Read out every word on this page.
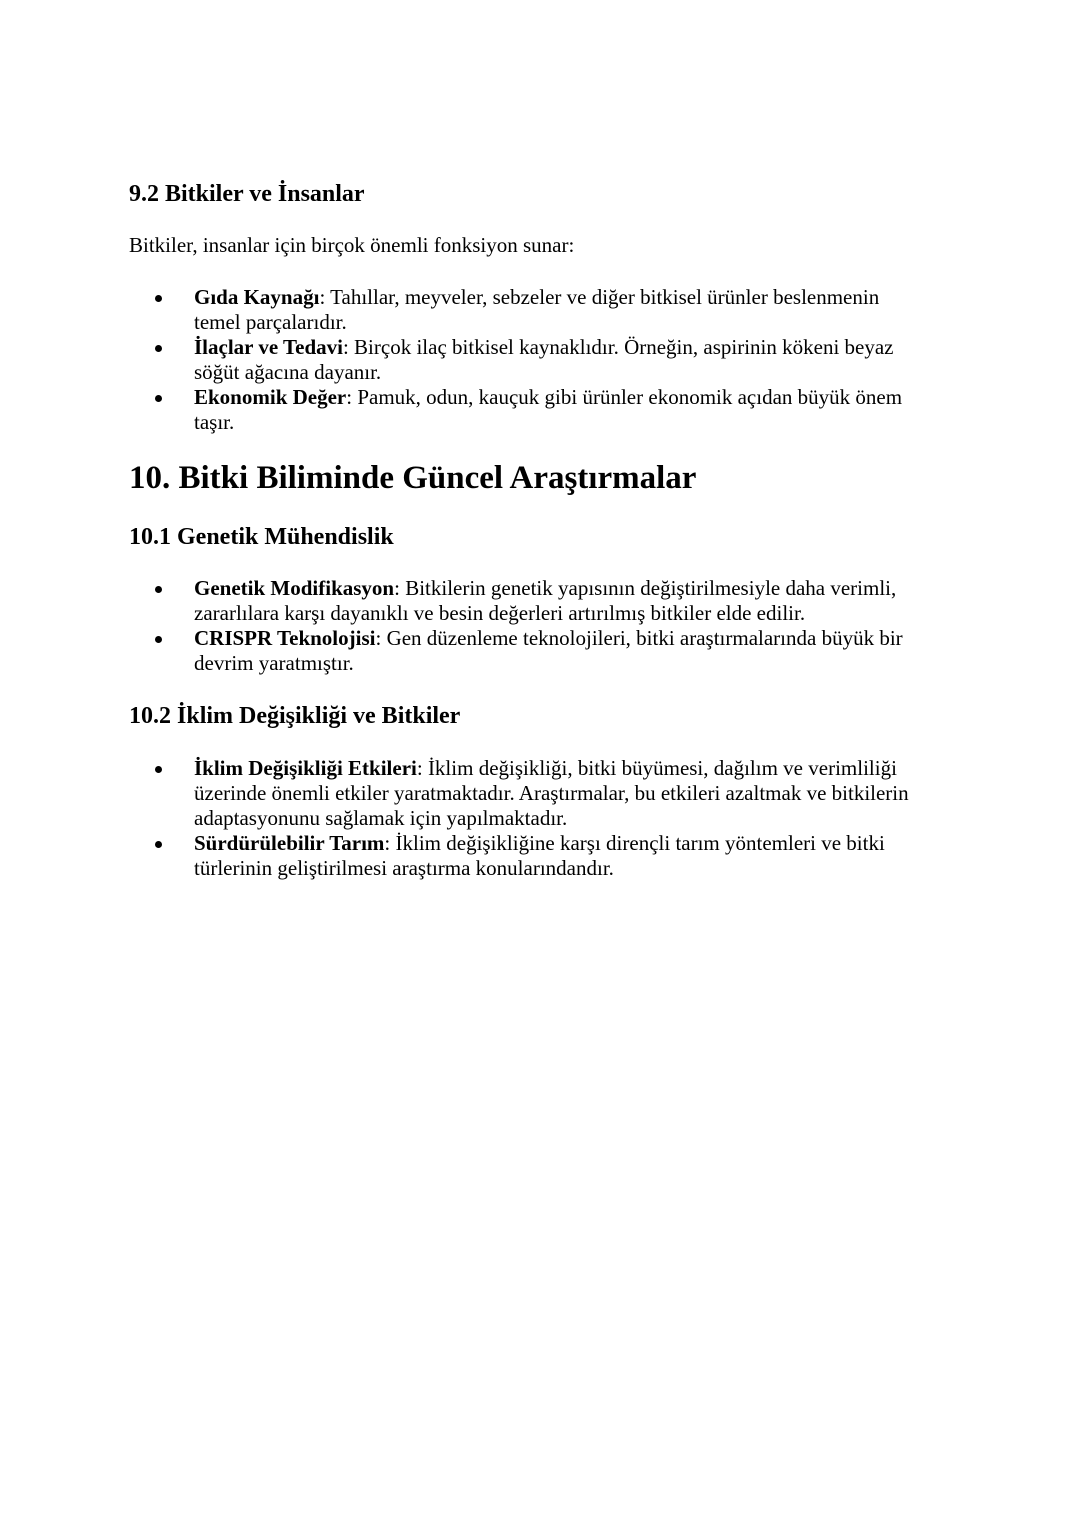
9.2 Bitkiler ve İnsanlar

Bitkiler, insanlar için birçok önemli fonksiyon sunar:

Gıda Kaynağı: Tahıllar, meyveler, sebzeler ve diğer bitkisel ürünler beslenmenin
temel parçalarıdır.
İlaçlar ve Tedavi: Birçok ilaç bitkisel kaynaklıdır. Örneğin, aspirinin kökeni beyaz
söğüt ağacına dayanır.
Ekonomik Değer: Pamuk, odun, kauçuk gibi ürünler ekonomik açıdan büyük önem
taşır.
10. Bitki Biliminde Güncel Araştırmalar
10.1 Genetik Mühendislik
Genetik Modifikasyon: Bitkilerin genetik yapısının değiştirilmesiyle daha verimli,
zararlılara karşı dayanıklı ve besin değerleri artırılmış bitkiler elde edilir.
CRISPR Teknolojisi: Gen düzenleme teknolojileri, bitki araştırmalarında büyük bir
devrim yaratmıştır.
10.2 İklim Değişikliği ve Bitkiler
İklim Değişikliği Etkileri: İklim değişikliği, bitki büyümesi, dağılım ve verimliliği
üzerinde önemli etkiler yaratmaktadır. Araştırmalar, bu etkileri azaltmak ve bitkilerin
adaptasyonunu sağlamak için yapılmaktadır.
Sürdürülebilir Tarım: İklim değişikliğine karşı dirençli tarım yöntemleri ve bitki
türlerinin geliştirilmesi araştırma konularındandır.
